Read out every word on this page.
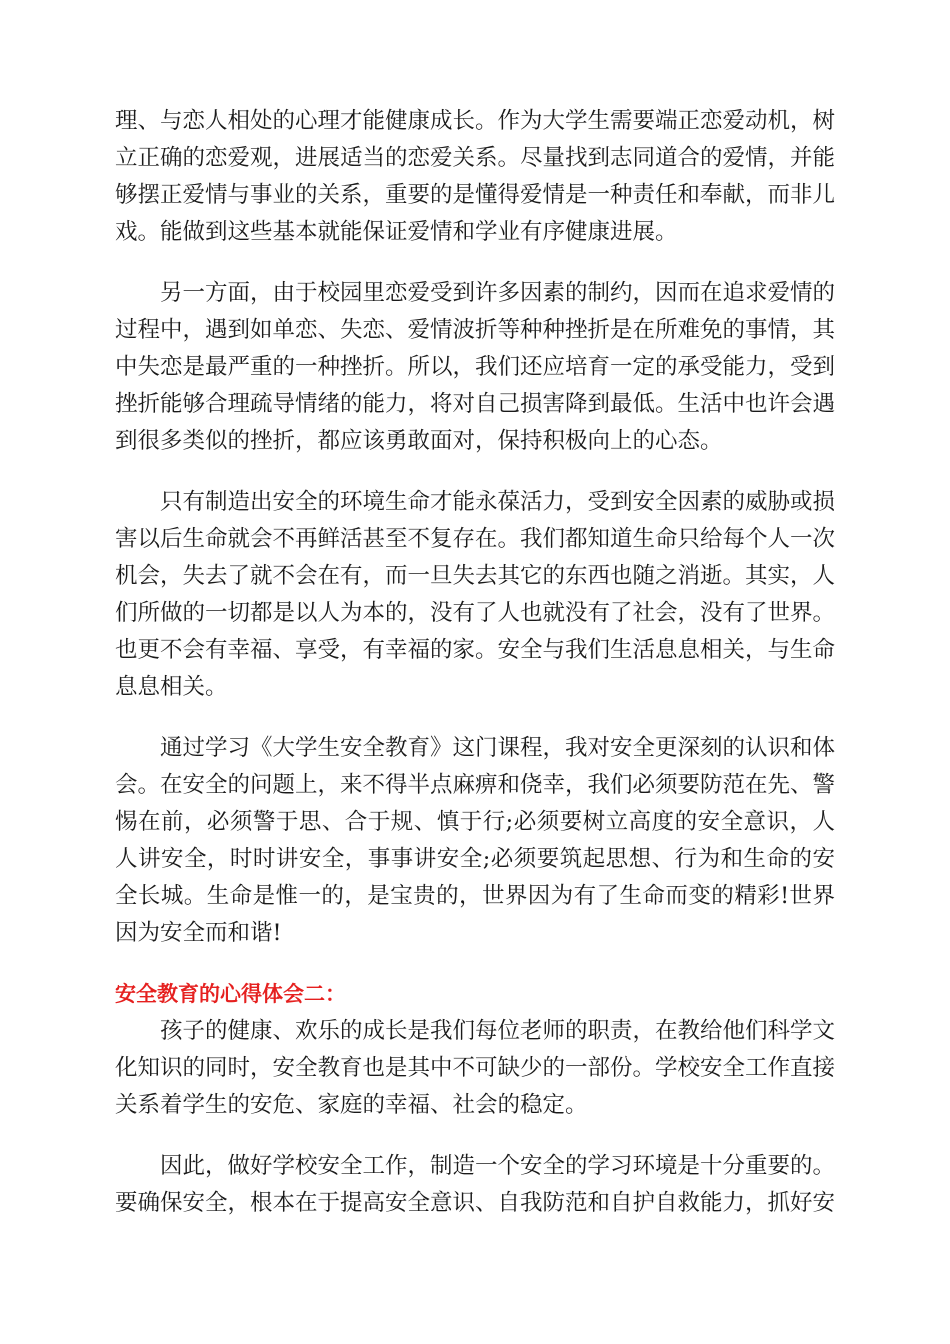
理、与恋人相处的心理才能健康成长。作为大学生需要端正恋爱动机，树立正确的恋爱观，进展适当的恋爱关系。尽量找到志同道合的爱情，并能够摆正爱情与事业的关系，重要的是懂得爱情是一种责任和奉献，而非儿戏。能做到这些基本就能保证爱情和学业有序健康进展。

另一方面，由于校园里恋爱受到许多因素的制约，因而在追求爱情的过程中，遇到如单恋、失恋、爱情波折等种种挫折是在所难免的事情，其中失恋是最严重的一种挫折。所以，我们还应培育一定的承受能力，受到挫折能够合理疏导情绪的能力，将对自己损害降到最低。生活中也许会遇到很多类似的挫折，都应该勇敢面对，保持积极向上的心态。

只有制造出安全的环境生命才能永葆活力，受到安全因素的威胁或损害以后生命就会不再鲜活甚至不复存在。我们都知道生命只给每个人一次机会，失去了就不会在有，而一旦失去其它的东西也随之消逝。其实，人们所做的一切都是以人为本的，没有了人也就没有了社会，没有了世界。也更不会有幸福、享受，有幸福的家。安全与我们生活息息相关，与生命息息相关。

通过学习《大学生安全教育》这门课程，我对安全更深刻的认识和体会。在安全的问题上，来不得半点麻痹和侥幸，我们必须要防范在先、警惕在前，必须警于思、合于规、慎于行;必须要树立高度的安全意识，人人讲安全，时时讲安全，事事讲安全;必须要筑起思想、行为和生命的安全长城。生命是惟一的，是宝贵的，世界因为有了生命而变的精彩!世界因为安全而和谐!

安全教育的心得体会二：

孩子的健康、欢乐的成长是我们每位老师的职责，在教给他们科学文化知识的同时，安全教育也是其中不可缺少的一部份。学校安全工作直接关系着学生的安危、家庭的幸福、社会的稳定。

因此，做好学校安全工作，制造一个安全的学习环境是十分重要的。要确保安全，根本在于提高安全意识、自我防范和自护自救能力，抓好安
